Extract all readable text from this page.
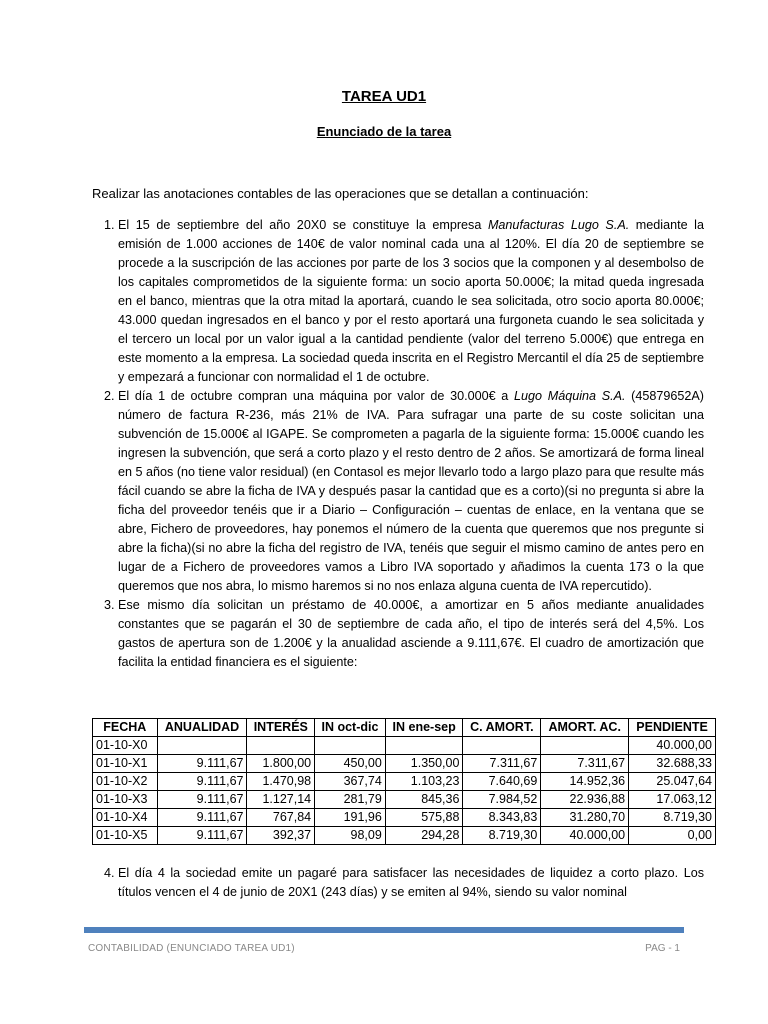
TAREA UD1
Enunciado de la tarea
Realizar las anotaciones contables de las operaciones que se detallan a continuación:
1. El 15 de septiembre del año 20X0 se constituye la empresa Manufacturas Lugo S.A. mediante la emisión de 1.000 acciones de 140€ de valor nominal cada una al 120%. El día 20 de septiembre se procede a la suscripción de las acciones por parte de los 3 socios que la componen y al desembolso de los capitales comprometidos de la siguiente forma: un socio aporta 50.000€; la mitad queda ingresada en el banco, mientras que la otra mitad la aportará, cuando le sea solicitada, otro socio aporta 80.000€; 43.000 quedan ingresados en el banco y por el resto aportará una furgoneta cuando le sea solicitada y el tercero un local por un valor igual a la cantidad pendiente (valor del terreno 5.000€) que entrega en este momento a la empresa. La sociedad queda inscrita en el Registro Mercantil el día 25 de septiembre y empezará a funcionar con normalidad el 1 de octubre.
2. El día 1 de octubre compran una máquina por valor de 30.000€ a Lugo Máquina S.A. (45879652A) número de factura R-236, más 21% de IVA. Para sufragar una parte de su coste solicitan una subvención de 15.000€ al IGAPE. Se comprometen a pagarla de la siguiente forma: 15.000€ cuando les ingresen la subvención, que será a corto plazo y el resto dentro de 2 años. Se amortizará de forma lineal en 5 años (no tiene valor residual) (en Contasol es mejor llevarlo todo a largo plazo para que resulte más fácil cuando se abre la ficha de IVA y después pasar la cantidad que es a corto)(si no pregunta si abre la ficha del proveedor tenéis que ir a Diario – Configuración – cuentas de enlace, en la ventana que se abre, Fichero de proveedores, hay ponemos el número de la cuenta que queremos que nos pregunte si abre la ficha)(si no abre la ficha del registro de IVA, tenéis que seguir el mismo camino de antes pero en lugar de a Fichero de proveedores vamos a Libro IVA soportado y añadimos la cuenta 173 o la que queremos que nos abra, lo mismo haremos si no nos enlaza alguna cuenta de IVA repercutido).
3. Ese mismo día solicitan un préstamo de 40.000€, a amortizar en 5 años mediante anualidades constantes que se pagarán el 30 de septiembre de cada año, el tipo de interés será del 4,5%. Los gastos de apertura son de 1.200€ y la anualidad asciende a 9.111,67€. El cuadro de amortización que facilita la entidad financiera es el siguiente:
FECHA	ANUALIDAD	INTERÉS	IN oct-dic	IN ene-sep	C. AMORT.	AMORT. AC.	PENDIENTE
01-10-X0							40.000,00
01-10-X1	9.111,67	1.800,00	450,00	1.350,00	7.311,67	7.311,67	32.688,33
01-10-X2	9.111,67	1.470,98	367,74	1.103,23	7.640,69	14.952,36	25.047,64
01-10-X3	9.111,67	1.127,14	281,79	845,36	7.984,52	22.936,88	17.063,12
01-10-X4	9.111,67	767,84	191,96	575,88	8.343,83	31.280,70	8.719,30
01-10-X5	9.111,67	392,37	98,09	294,28	8.719,30	40.000,00	0,00
4. El día 4 la sociedad emite un pagaré para satisfacer las necesidades de liquidez a corto plazo. Los títulos vencen el 4 de junio de 20X1 (243 días) y se emiten al 94%, siendo su valor nominal
CONTABILIDAD (ENUNCIADO TAREA UD1)	PAG - 1
